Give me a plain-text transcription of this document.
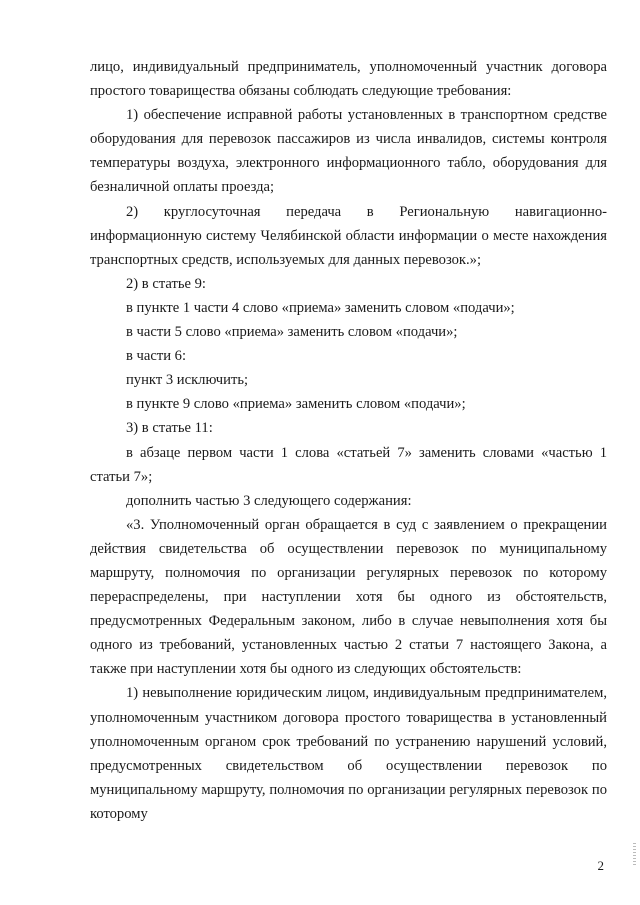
лицо, индивидуальный предприниматель, уполномоченный участник договора простого товарищества обязаны соблюдать следующие требования:

1) обеспечение исправной работы установленных в транспортном средстве оборудования для перевозок пассажиров из числа инвалидов, системы контроля температуры воздуха, электронного информационного табло, оборудования для безналичной оплаты проезда;

2) круглосуточная передача в Региональную навигационно-информационную систему Челябинской области информации о месте нахождения транспортных средств, используемых для данных перевозок.»;

2) в статье 9:

в пункте 1 части 4 слово «приема» заменить словом «подачи»;

в части 5 слово «приема» заменить словом «подачи»;

в части 6:

пункт 3 исключить;

в пункте 9 слово «приема» заменить словом «подачи»;

3) в статье 11:

в абзаце первом части 1 слова «статьей 7» заменить словами «частью 1 статьи 7»;

дополнить частью 3 следующего содержания:

«3. Уполномоченный орган обращается в суд с заявлением о прекращении действия свидетельства об осуществлении перевозок по муниципальному маршруту, полномочия по организации регулярных перевозок по которому перераспределены, при наступлении хотя бы одного из обстоятельств, предусмотренных Федеральным законом, либо в случае невыполнения хотя бы одного из требований, установленных частью 2 статьи 7 настоящего Закона, а также при наступлении хотя бы одного из следующих обстоятельств:

1) невыполнение юридическим лицом, индивидуальным предпринимателем, уполномоченным участником договора простого товарищества в установленный уполномоченным органом срок требований по устранению нарушений условий, предусмотренных свидетельством об осуществлении перевозок по муниципальному маршруту, полномочия по организации регулярных перевозок по которому

2
